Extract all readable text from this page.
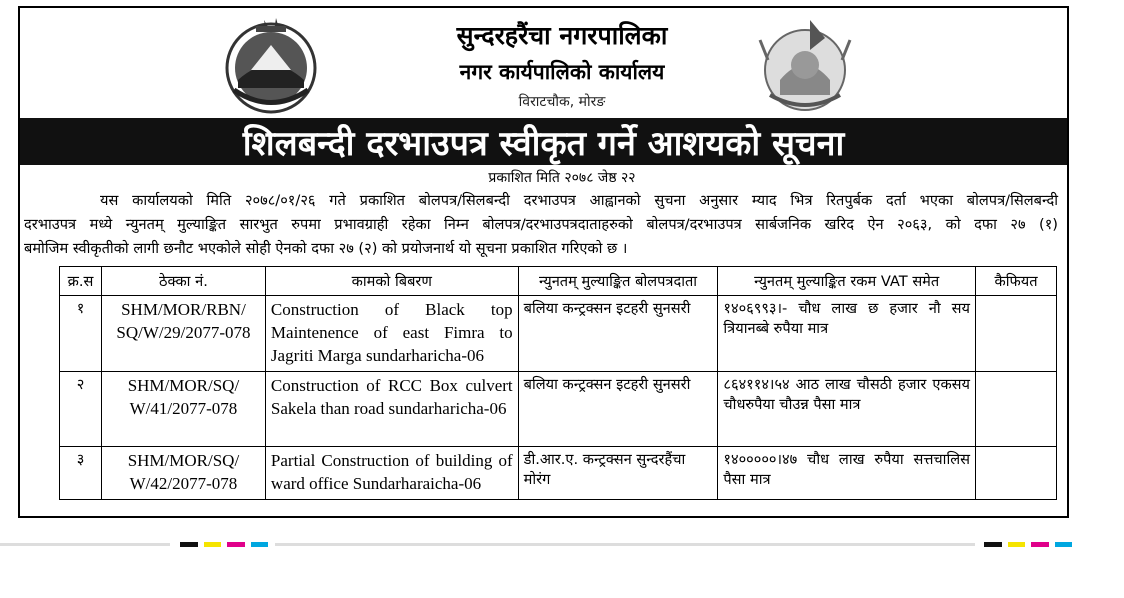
सुन्दरहरैंचा नगरपालिका
नगर कार्यपालिकाे कार्यालय
विराटचौक, मोरङ
शिलबन्दी दरभाउपत्र स्वीकृत गर्ने आशयको सूचना
प्रकाशित मिति २०७८ जेष्ठ २२
यस कार्यालयको मिति २०७८/०१/२६ गते प्रकाशित बोलपत्र/सिलबन्दी दरभाउपत्र आह्वानको सुचना अनुसार म्याद भित्र रितपुर्बक दर्ता भएका बोलपत्र/सिलबन्दी
दरभाउपत्र मध्ये न्युनतम् मुल्याङ्कित सारभुत रुपमा प्रभावग्राही रहेका निम्न बोलपत्र/दरभाउपत्रदाताहरुको बोलपत्र/दरभाउपत्र सार्बजनिक खरिद ऐन २०६३, को दफा २७ (१)
बमोजिम स्वीकृतीको लागी छनौट भएकोले सोही ऐनको दफा २७ (२) को प्रयोजनार्थ यो सूचना प्रकाशित गरिएको छ ।
क्र.स	ठेक्का नं.	कामको बिबरण	न्युनतम् मुल्याङ्कित बोलपत्रदाता	न्युनतम् मुल्याङ्कित रकम VAT समेत	कैफियत
१	SHM/MOR/RBN/ SQ/W/29/2077-078	Construction of Black top Maintenence of east Fimra to Jagriti Marga sundarharicha-06	बलिया कन्ट्रक्सन इटहरी सुनसरी	१४०६९९३।- चौध लाख छ हजार नौ सय त्रियानब्बे रुपैया मात्र	
२	SHM/MOR/SQ/ W/41/2077-078	Construction of RCC Box culvert Sakela than road sundarharicha-06	बलिया कन्ट्रक्सन इटहरी सुनसरी	८६४११४।५४ आठ लाख चौसठी हजार एकसय चौधरुपैया चौउन्न पैसा मात्र	
३	SHM/MOR/SQ/ W/42/2077-078	Partial Construction of building of ward office Sundarharaicha-06	डी.आर.ए. कन्ट्रक्सन सुन्दरहैंचा मोरंग	१४०००००।४७ चौध लाख रुपैया सत्तचालिस पैसा मात्र	
